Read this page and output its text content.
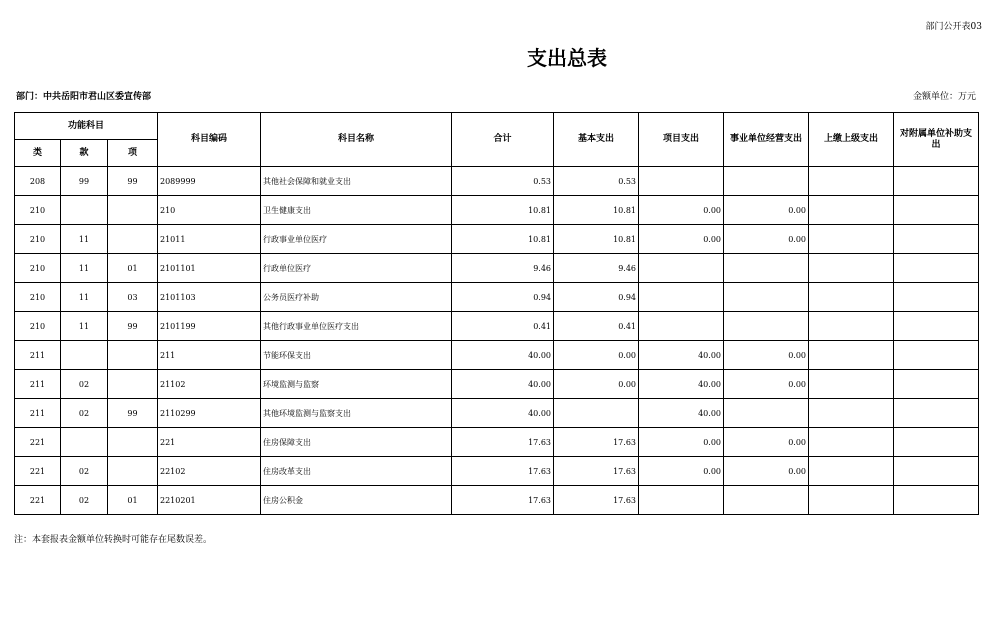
部门公开表03
支出总表
部门：中共岳阳市君山区委宣传部	金额单位：万元
功能科目			科目编码	科目名称	合计	基本支出	项目支出	事业单位经营支出	上缴上级支出	对附属单位补助支出
类	款	项								
208	99	99	2089999	其他社会保障和就业支出	0.53	0.53				
210			210	卫生健康支出	10.81	10.81	0.00	0.00		
210	11		21011	行政事业单位医疗	10.81	10.81	0.00	0.00		
210	11	01	2101101	行政单位医疗	9.46	9.46				
210	11	03	2101103	公务员医疗补助	0.94	0.94				
210	11	99	2101199	其他行政事业单位医疗支出	0.41	0.41				
211			211	节能环保支出	40.00	0.00	40.00	0.00		
211	02		21102	环境监测与监察	40.00	0.00	40.00	0.00		
211	02	99	2110299	其他环境监测与监察支出	40.00		40.00			
221			221	住房保障支出	17.63	17.63	0.00	0.00		
221	02		22102	住房改革支出	17.63	17.63	0.00	0.00		
221	02	01	2210201	住房公积金	17.63	17.63				
注：本套报表金额单位转换时可能存在尾数误差。
